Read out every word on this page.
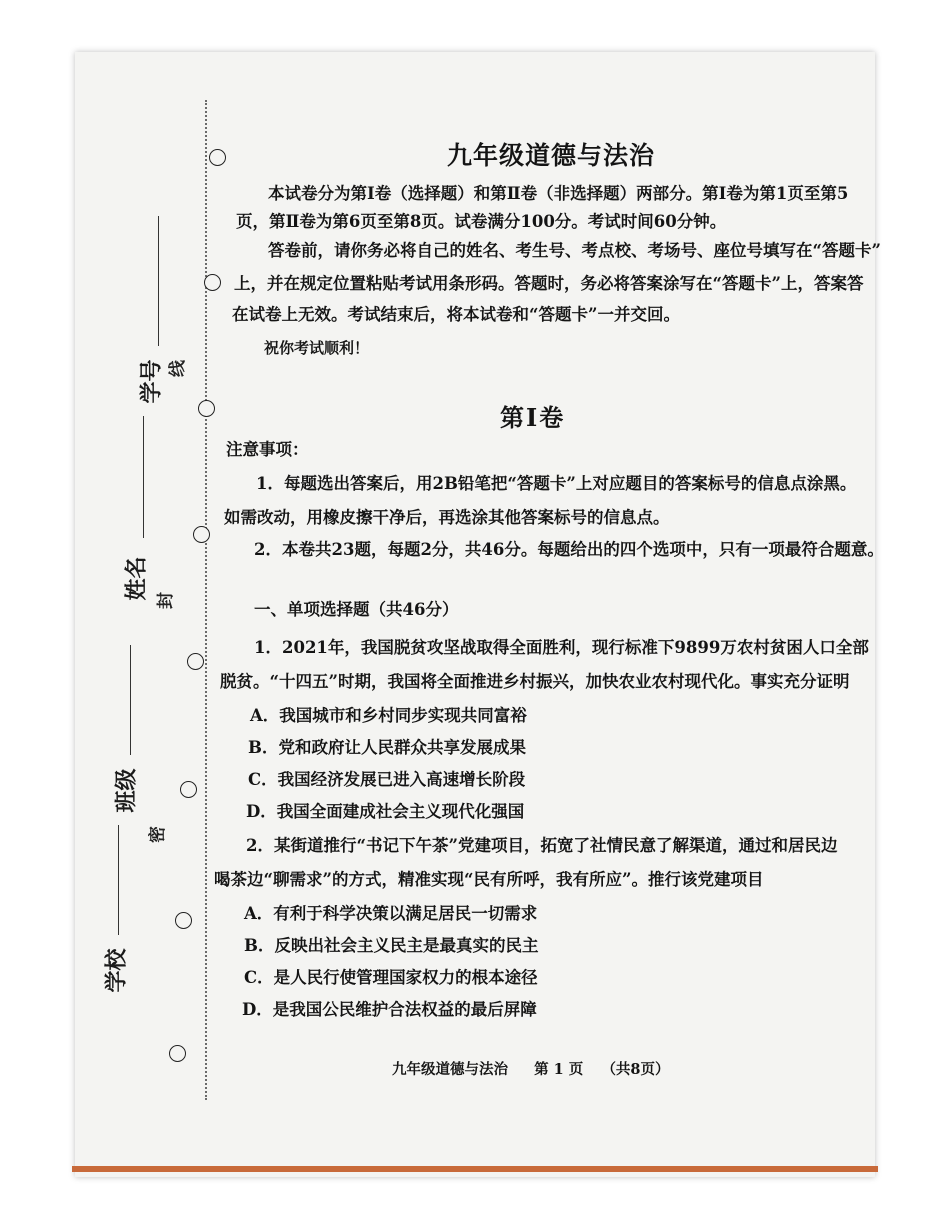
学号 线
姓名 封
班级
密
学校
九年级道德与法治
本试卷分为第Ⅰ卷（选择题）和第Ⅱ卷（非选择题）两部分。第Ⅰ卷为第1页至第5
页，第Ⅱ卷为第6页至第8页。试卷满分100分。考试时间60分钟。
答卷前，请你务必将自己的姓名、考生号、考点校、考场号、座位号填写在“答题卡”
上，并在规定位置粘贴考试用条形码。答题时，务必将答案涂写在“答题卡”上，答案答
在试卷上无效。考试结束后，将本试卷和“答题卡”一并交回。
祝你考试顺利！
第Ⅰ卷
注意事项：
1．每题选出答案后，用2B铅笔把“答题卡”上对应题目的答案标号的信息点涂黑。
如需改动，用橡皮擦干净后，再选涂其他答案标号的信息点。
2．本卷共23题，每题2分，共46分。每题给出的四个选项中，只有一项最符合题意。
一、单项选择题（共46分）
1．2021年，我国脱贫攻坚战取得全面胜利，现行标准下9899万农村贫困人口全部
脱贫。“十四五”时期，我国将全面推进乡村振兴，加快农业农村现代化。事实充分证明
A．我国城市和乡村同步实现共同富裕
B．党和政府让人民群众共享发展成果
C．我国经济发展已进入高速增长阶段
D．我国全面建成社会主义现代化强国
2．某街道推行“书记下午茶”党建项目，拓宽了社情民意了解渠道，通过和居民边
喝茶边“聊需求”的方式，精准实现“民有所呼，我有所应”。推行该党建项目
A．有利于科学决策以满足居民一切需求
B．反映出社会主义民主是最真实的民主
C．是人民行使管理国家权力的根本途径
D．是我国公民维护合法权益的最后屏障
九年级道德与法治 第 1 页 （共8页）
